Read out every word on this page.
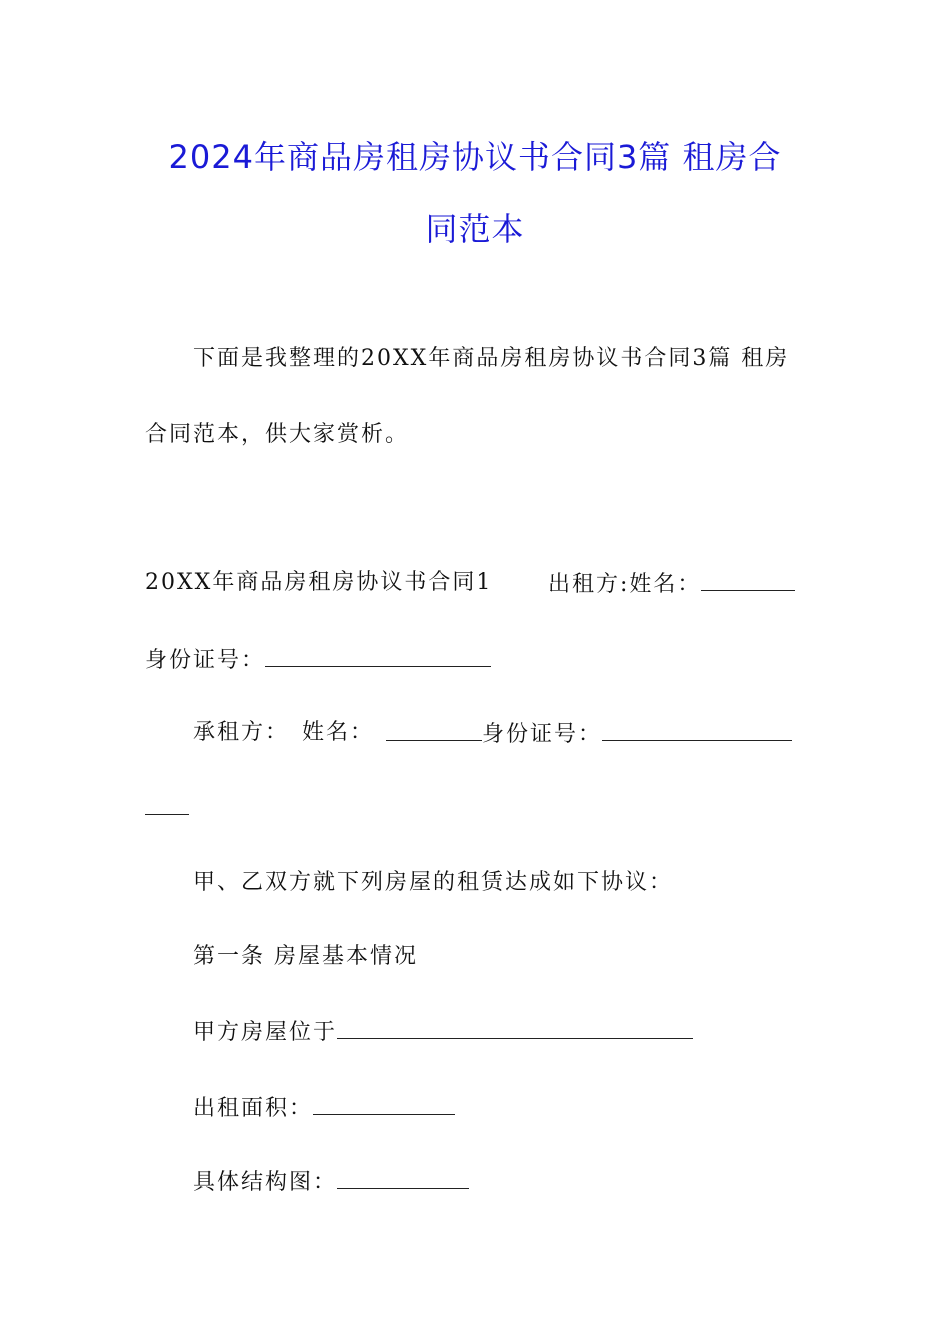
2024年商品房租房协议书合同3篇 租房合
同范本
下面是我整理的20XX年商品房租房协议书合同3篇 租房
合同范本，供大家赏析。
20XX年商品房租房协议书合同1	出租方:姓名：
身份证号：
承租方： 姓名：	身份证号：
甲、乙双方就下列房屋的租赁达成如下协议：
第一条 房屋基本情况
甲方房屋位于
出租面积：
具体结构图：
